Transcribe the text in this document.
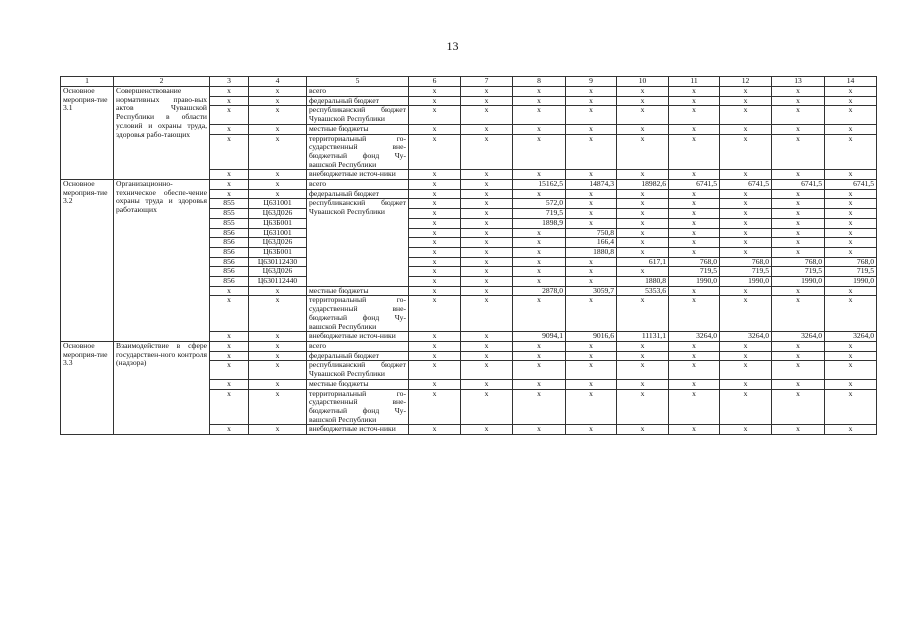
13
1	2	3	4	5	6	7	8	9	10	11	12	13	14
Основное мероприя-тие 3.1	Совершенствование нормативных право-вых актов Чувашской Республики в области условий и охраны труда, здоровья рабо-тающих	х	х	всего	х	х	х	х	х	х	х	х	х
		х	х	федеральный бюджет	х	х	х	х	х	х	х	х	х
		х	х	республиканский бюджет Чувашской Республики	х	х	х	х	х	х	х	х	х
		х	х	местные бюджеты	х	х	х	х	х	х	х	х	х
		х	х	территориальный го-сударственный вне-бюджетный фонд Чу-вашской Республики	х	х	х	х	х	х	х	х	х
		х	х	внебюджетные источ-ники	х	х	х	х	х	х	х	х	х
Основное мероприя-тие 3.2	Организационно-техническое обеспе-чение охраны труда и здоровья работающих	х	х	всего	х	х	15162,5	14874,3	18982,6	6741,5	6741,5	6741,5	6741,5
		х	х	федеральный бюджет	х	х	х	х	х	х	х	х	х
		855	Ц631001	республиканский бюджет Чувашской Республики	х	х	572,0	х	х	х	х	х	х
		855	Ц63Д026		х	х	719,5	х	х	х	х	х	х
		855	Ц63Б001		х	х	1898,9	х	х	х	х	х	х
		856	Ц631001		х	х	х	750,8	х	х	х	х	х
		856	Ц63Д026		х	х	х	166,4	х	х	х	х	х
		856	Ц63Б001		х	х	х	1880,8	х	х	х	х	х
		856	Ц630112430		х	х	х	х	617,1	768,0	768,0	768,0	768,0
		856	Ц63Д026		х	х	х	х	х	719,5	719,5	719,5	719,5
		856	Ц630112440		х	х	х	х	1880,8	1990,0	1990,0	1990,0	1990,0
		х	х	местные бюджеты	х	х	2878,0	3059,7	5353,6	х	х	х	х
		х	х	территориальный го-сударственный вне-бюджетный фонд Чу-вашской Республики	х	х	х	х	х	х	х	х	х
		х	х	внебюджетные источ-ники	х	х	9094,1	9016,6	11131,1	3264,0	3264,0	3264,0	3264,0
Основное мероприя-тие 3.3	Взаимодействие в сфере государствен-ного контроля (надзора)	х	х	всего	х	х	х	х	х	х	х	х	х
		х	х	федеральный бюджет	х	х	х	х	х	х	х	х	х
		х	х	республиканский бюджет Чувашской Республики	х	х	х	х	х	х	х	х	х
		х	х	местные бюджеты	х	х	х	х	х	х	х	х	х
		х	х	территориальный го-сударственный вне-бюджетный фонд Чу-вашской Республики	х	х	х	х	х	х	х	х	х
		х	х	внебюджетные источ-ники	х	х	х	х	х	х	х	х	х
